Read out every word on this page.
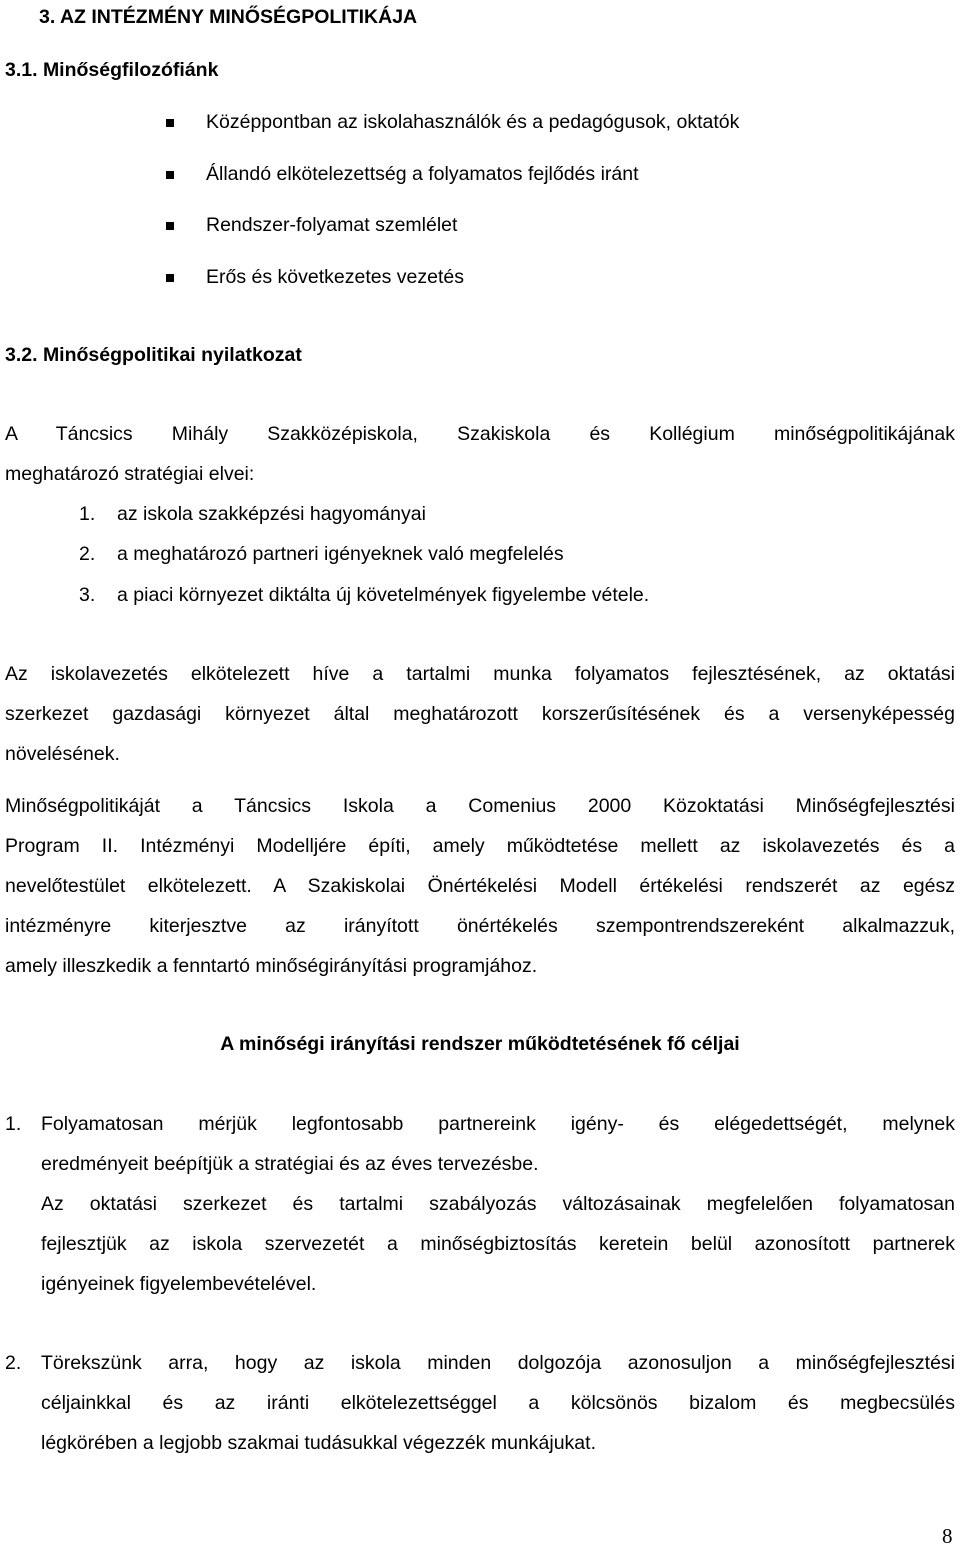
3. AZ INTÉZMÉNY MINŐSÉGPOLITIKÁJA
3.1. Minőségfilozófiánk
Középpontban az iskolahasználók és a pedagógusok, oktatók
Állandó elkötelezettség a folyamatos fejlődés iránt
Rendszer-folyamat szemlélet
Erős és következetes vezetés
3.2. Minőségpolitikai nyilatkozat
A Táncsics Mihály Szakközépiskola, Szakiskola és Kollégium minőségpolitikájának
meghatározó stratégiai elvei:
1. az iskola szakképzési hagyományai
2. a meghatározó partneri igényeknek való megfelelés
3. a piaci környezet diktálta új követelmények figyelembe vétele.
Az iskolavezetés elkötelezett híve a tartalmi munka folyamatos fejlesztésének, az oktatási
szerkezet gazdasági környezet által meghatározott korszerűsítésének és a versenyképesség
növelésének.
Minőségpolitikáját a Táncsics Iskola a Comenius 2000 Közoktatási Minőségfejlesztési
Program II. Intézményi Modelljére építi, amely működtetése mellett az iskolavezetés és a
nevelőtestület elkötelezett. A Szakiskolai Önértékelési Modell értékelési rendszerét az egész
intézményre kiterjesztve az irányított önértékelés szempontrendszereként alkalmazzuk,
amely illeszkedik a fenntartó minőségirányítási programjához.
A minőségi irányítási rendszer működtetésének fő céljai
1. Folyamatosan mérjük legfontosabb partnereink igény- és elégedettségét, melynek
eredményeit beépítjük a stratégiai és az éves tervezésbe.
Az oktatási szerkezet és tartalmi szabályozás változásainak megfelelően folyamatosan
fejlesztjük az iskola szervezetét a minőségbiztosítás keretein belül azonosított partnerek
igényeinek figyelembevételével.
2. Törekszünk arra, hogy az iskola minden dolgozója azonosuljon a minőségfejlesztési
céljainkkal és az iránti elkötelezettséggel a kölcsönös bizalom és megbecsülés
légkörében a legjobb szakmai tudásukkal végezzék munkájukat.
8
